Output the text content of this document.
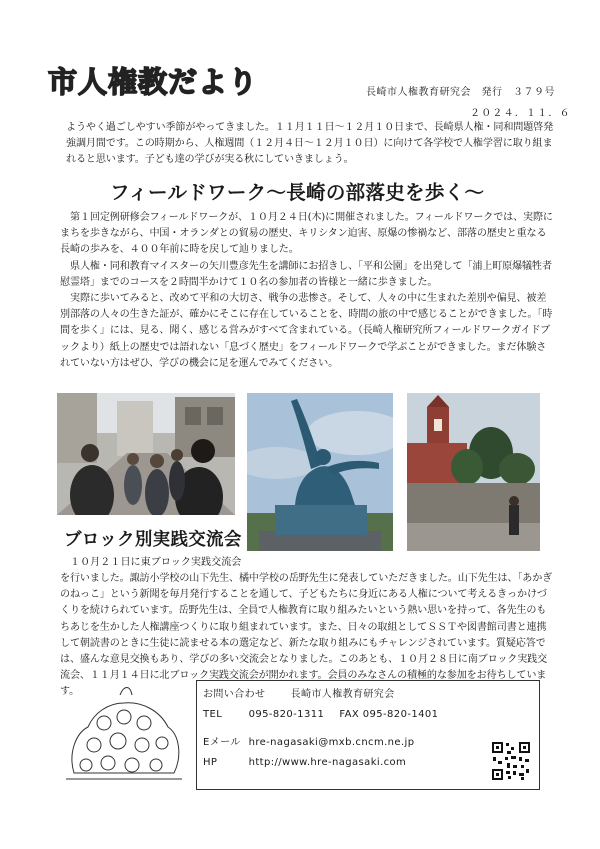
市人権教だより	長崎市人権教育研究会　発行　３７９号
２０２４．１１．６
ようやく過ごしやすい季節がやってきました。１１月１１日～１２月１０日まで、長崎県人権・同和問題啓発強調月間です。この時期から、人権週間（１２月４日～１２月１０日）に向けて各学校で人権学習に取り組まれると思います。子ども達の学びが実る秋にしていきましょう。
フィールドワーク～長崎の部落史を歩く～

第１回定例研修会フィールドワークが、１０月２４日(木)に開催されました。フィールドワークでは、実際にまちを歩きながら、中国・オランダとの貿易の歴史、キリシタン迫害、原爆の惨禍など、部落の歴史と重なる長崎の歩みを、４００年前に時を戻して辿りました。

県人権・同和教育マイスターの矢川豊彦先生を講師にお招きし、「平和公園」を出発して「浦上町原爆犠牲者慰霊塔」までのコースを２時間半かけて１０名の参加者の皆様と一緒に歩きました。

実際に歩いてみると、改めて平和の大切さ、戦争の悲惨さ。そして、人々の中に生まれた差別や偏見、被差別部落の人々の生きた証が、確かにそこに存在していることを、時間の旅の中で感じることができました。「時間を歩く」には、見る、聞く、感じる営みがすべて含まれている。（長崎人権研究所フィールドワークガイドブックより）紙上の歴史では語れない「息づく歴史」をフィールドワークで学ぶことができました。まだ体験されていない方はぜひ、学びの機会に足を運んでみてください。

ブロック別実践交流会
１０月２１日に東ブロック実践交流会

を行いました。諏訪小学校の山下先生、橘中学校の岳野先生に発表していただきました。山下先生は、「あかぎのねっこ」という新聞を毎月発行することを通して、子どもたちに身近にある人権について考えるきっかけづくりを続けられています。岳野先生は、全員で人権教育に取り組みたいという熱い思いを持って、各先生のもちあじを生かした人権講座つくりに取り組まれています。また、日々の取組としてＳＳＴや図書館司書と連携して朝読書のときに生徒に読ませる本の選定など、新たな取り組みにもチャレンジされています。質疑応答では、盛んな意見交換もあり、学びの多い交流会となりました。このあとも、１０月２８日に南ブロック実践交流会、１１月１４日に北ブロック実践交流会が開かれます。会員のみなさんの積極的な参加をお待ちしています。	お問い合わせ	長崎市人権教育研究会
TEL	095-820-1311 FAX 095-820-1401
Eメール hre-nagasaki@mxb.cncm.ne.jp
HP	http://www.hre-nagasaki.com
